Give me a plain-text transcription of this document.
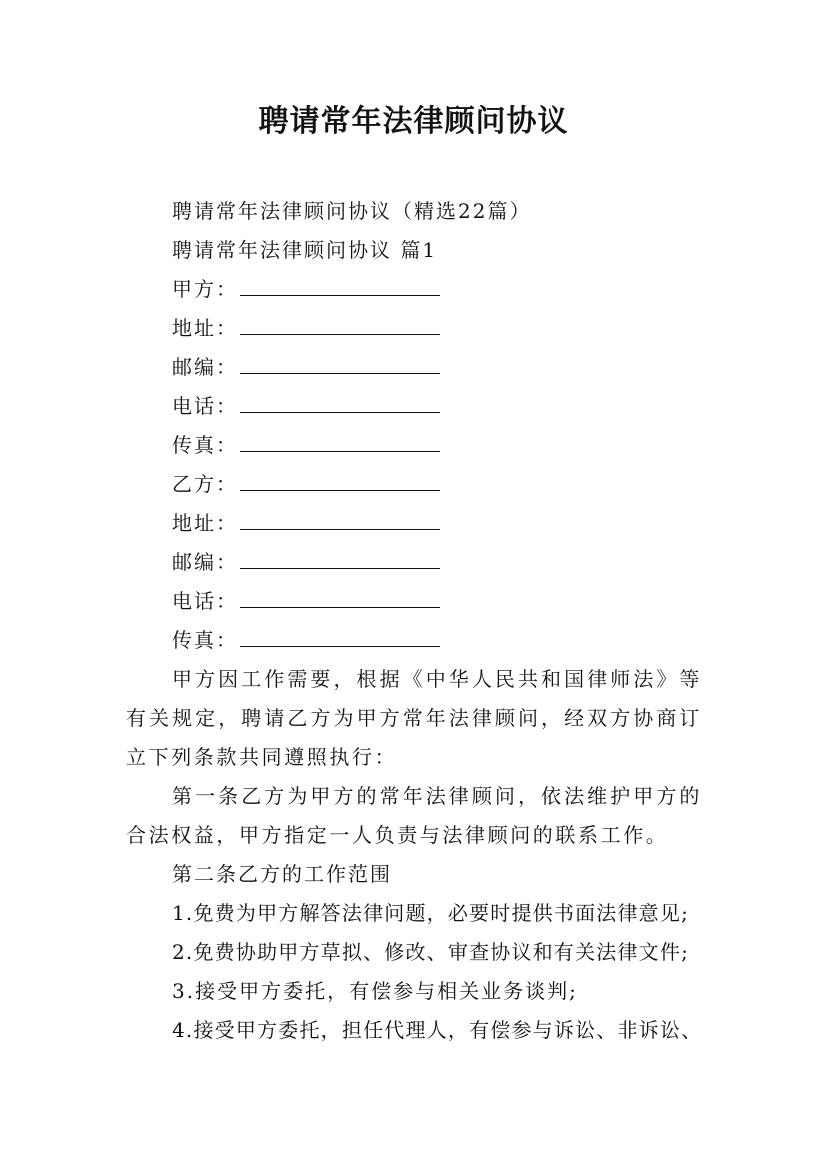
聘请常年法律顾问协议
聘请常年法律顾问协议（精选22篇）
聘请常年法律顾问协议 篇1
甲方：
地址：
邮编：
电话：
传真：
乙方：
地址：
邮编：
电话：
传真：

甲方因工作需要，根据《中华人民共和国律师法》等有关规定，聘请乙方为甲方常年法律顾问，经双方协商订立下列条款共同遵照执行：

第一条乙方为甲方的常年法律顾问，依法维护甲方的合法权益，甲方指定一人负责与法律顾问的联系工作。

第二条乙方的工作范围
1.免费为甲方解答法律问题，必要时提供书面法律意见;
2.免费协助甲方草拟、修改、审查协议和有关法律文件;
3.接受甲方委托，有偿参与相关业务谈判;
4.接受甲方委托，担任代理人，有偿参与诉讼、非诉讼、
